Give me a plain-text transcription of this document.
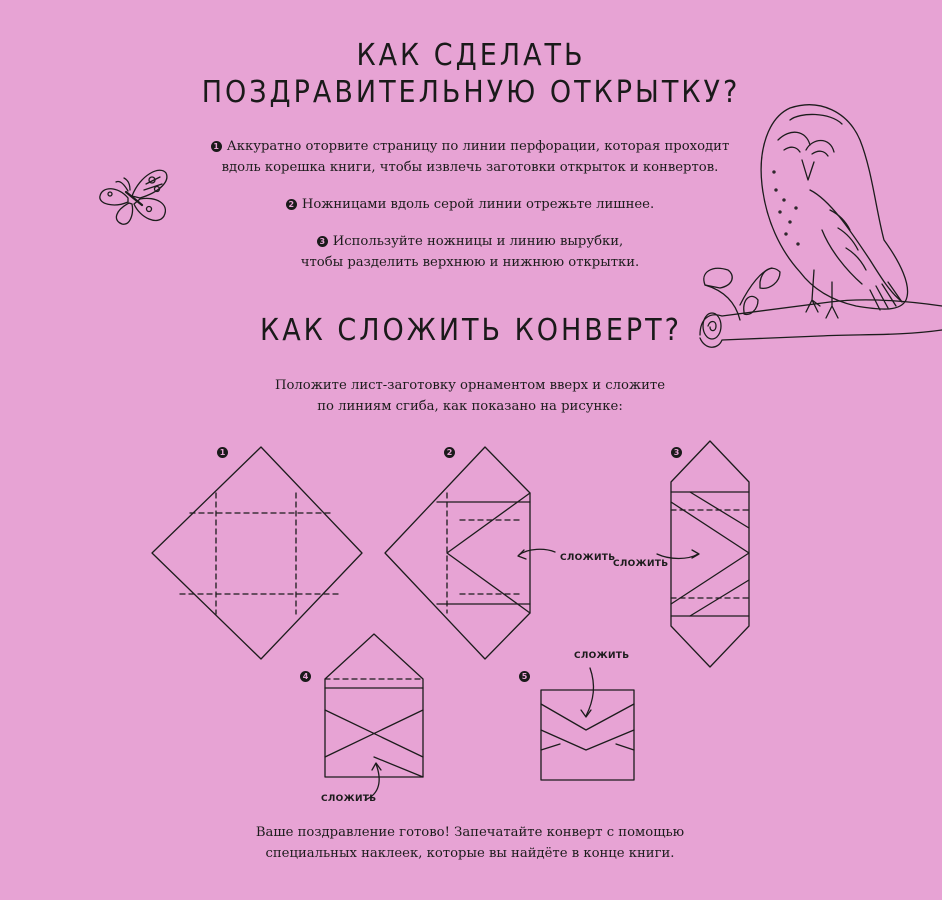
КАК СДЕЛАТЬ
ПОЗДРАВИТЕЛЬНУЮ ОТКРЫТКУ?
1 Аккуратно оторвите страницу по линии перфорации, которая проходит
вдоль корешка книги, чтобы извлечь заготовки открыток и конвертов.
2 Ножницами вдоль серой линии отрежьте лишнее.
3 Используйте ножницы и линию вырубки,
чтобы разделить верхнюю и нижнюю открытки.
КАК СЛОЖИТЬ КОНВЕРТ?
Положите лист-заготовку орнаментом вверх и сложите
по линиям сгиба, как показано на рисунке:
1	2	3
4	5
СЛОЖИТЬ
СЛОЖИТЬ
СЛОЖИТЬ
СЛОЖИТЬ
Ваше поздравление готово! Запечатайте конверт с помощью
специальных наклеек, которые вы найдёте в конце книги.
